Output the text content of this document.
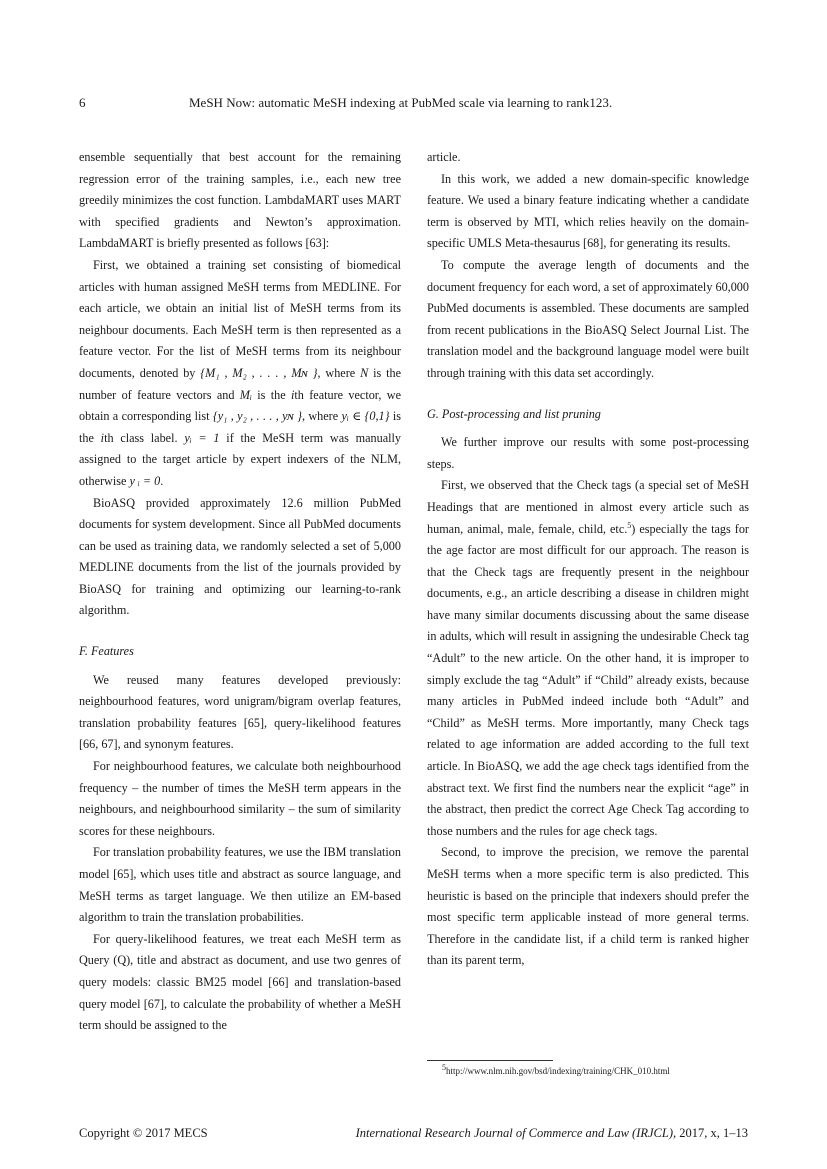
6	MeSH Now: automatic MeSH indexing at PubMed scale via learning to rank123.

ensemble sequentially that best account for the remaining regression error of the training samples, i.e., each new tree greedily minimizes the cost function. LambdaMART uses MART with specified gradients and Newton’s approximation. LambdaMART is briefly presented as follows [63]:

First, we obtained a training set consisting of biomedical articles with human assigned MeSH terms from MEDLINE. For each article, we obtain an initial list of MeSH terms from its neighbour documents. Each MeSH term is then represented as a feature vector. For the list of MeSH terms from its neighbour documents, denoted by {M₁ , M₂ , . . . , Mɴ }, where N is the number of feature vectors and Mᵢ is the ith feature vector, we obtain a corresponding list {y₁ , y₂ , . . . , yɴ }, where yᵢ ∈ {0,1} is the ith class label. yᵢ = 1 if the MeSH term was manually assigned to the target article by expert indexers of the NLM, otherwise y ᵢ = 0.

BioASQ provided approximately 12.6 million PubMed documents for system development. Since all PubMed documents can be used as training data, we randomly selected a set of 5,000 MEDLINE documents from the list of the journals provided by BioASQ for training and optimizing our learning-to-rank algorithm.

F. Features

We reused many features developed previously: neighbourhood features, word unigram/bigram overlap features, translation probability features [65], query-likelihood features [66, 67], and synonym features.

For neighbourhood features, we calculate both neighbourhood frequency – the number of times the MeSH term appears in the neighbours, and neighbourhood similarity – the sum of similarity scores for these neighbours.

For translation probability features, we use the IBM translation model [65], which uses title and abstract as source language, and MeSH terms as target language. We then utilize an EM-based algorithm to train the translation probabilities.

For query-likelihood features, we treat each MeSH term as Query (Q), title and abstract as document, and use two genres of query models: classic BM25 model [66] and translation-based query model [67], to calculate the probability of whether a MeSH term should be assigned to the

article.

In this work, we added a new domain-specific knowledge feature. We used a binary feature indicating whether a candidate term is observed by MTI, which relies heavily on the domain-specific UMLS Meta-thesaurus [68], for generating its results.

To compute the average length of documents and the document frequency for each word, a set of approximately 60,000 PubMed documents is assembled. These documents are sampled from recent publications in the BioASQ Select Journal List. The translation model and the background language model were built through training with this data set accordingly.

G. Post-processing and list pruning

We further improve our results with some post-processing steps.

First, we observed that the Check tags (a special set of MeSH Headings that are mentioned in almost every article such as human, animal, male, female, child, etc.$^5$) especially the tags for the age factor are most difficult for our approach. The reason is that the Check tags are frequently present in the neighbour documents, e.g., an article describing a disease in children might have many similar documents discussing about the same disease in adults, which will result in assigning the undesirable Check tag “Adult” to the new article. On the other hand, it is improper to simply exclude the tag “Adult” if “Child” already exists, because many articles in PubMed indeed include both “Adult” and “Child” as MeSH terms. More importantly, many Check tags related to age information are added according to the full text article. In BioASQ, we add the age check tags identified from the abstract text. We first find the numbers near the explicit “age” in the abstract, then predict the correct Age Check Tag according to those numbers and the rules for age check tags.

Second, to improve the precision, we remove the parental MeSH terms when a more specific term is also predicted. This heuristic is based on the principle that indexers should prefer the most specific term applicable instead of more general terms. Therefore in the candidate list, if a child term is ranked higher than its parent term,

$^5$http://www.nlm.nih.gov/bsd/indexing/training/CHK_010.html
Copyright © 2017 MECS	International Research Journal of Commerce and Law (IRJCL), 2017, x, 1–13
